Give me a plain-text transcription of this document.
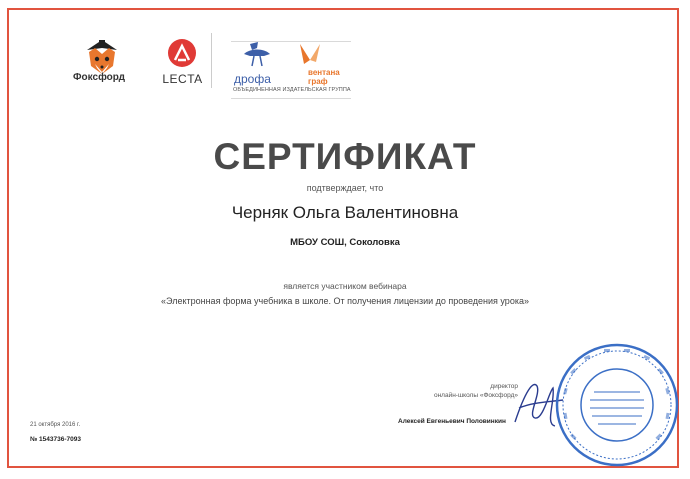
Фоксфорд	LECTA	дрофа	вентана
граф
ОБЪЕДИНЕННАЯ ИЗДАТЕЛЬСКАЯ ГРУППА
СЕРТИФИКАТ
подтверждает, что
Черняк Ольга Валентиновна
МБОУ СОШ, Соколовка
является участником вебинара
«Электронная форма учебника в школе. От получения лицензии до проведения урока»
директор
онлайн-школы «Фоксфорд»
Алексей Евгеньевич Половинкин
21 октября 2016 г.
№ 1543736-7093
